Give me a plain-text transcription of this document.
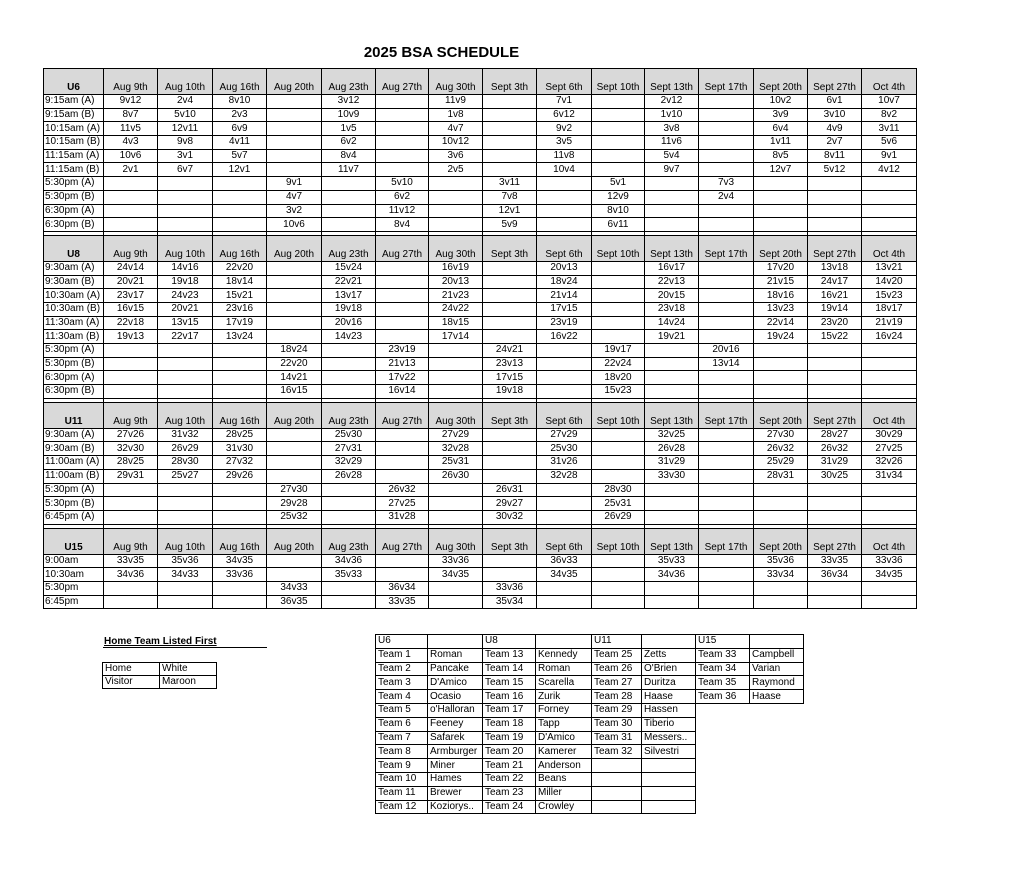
2025 BSA SCHEDULE
U6	Aug 9th	Aug 10th	Aug 16th	Aug 20th	Aug 23th	Aug 27th	Aug 30th	Sept 3th	Sept 6th	Sept 10th	Sept 13th	Sept 17th	Sept 20th	Sept 27th	Oct 4th
9:15am (A)	9v12	2v4	8v10		3v12		11v9		7v1		2v12		10v2	6v1	10v7
9:15am (B)	8v7	5v10	2v3		10v9		1v8		6v12		1v10		3v9	3v10	8v2
10:15am (A)	11v5	12v11	6v9		1v5		4v7		9v2		3v8		6v4	4v9	3v11
10:15am (B)	4v3	9v8	4v11		6v2		10v12		3v5		11v6		1v11	2v7	5v6
11:15am (A)	10v6	3v1	5v7		8v4		3v6		11v8		5v4		8v5	8v11	9v1
11:15am (B)	2v1	6v7	12v1		11v7		2v5		10v4		9v7		12v7	5v12	4v12
5:30pm (A)				9v1		5v10		3v11		5v1		7v3			
5:30pm (B)				4v7		6v2		7v8		12v9		2v4			
6:30pm (A)				3v2		11v12		12v1		8v10					
6:30pm (B)				10v6		8v4		5v9		6v11					

U8	Aug 9th	Aug 10th	Aug 16th	Aug 20th	Aug 23th	Aug 27th	Aug 30th	Sept 3th	Sept 6th	Sept 10th	Sept 13th	Sept 17th	Sept 20th	Sept 27th	Oct 4th
9:30am (A)	24v14	14v16	22v20		15v24		16v19		20v13		16v17		17v20	13v18	13v21
9:30am (B)	20v21	19v18	18v14		22v21		20v13		18v24		22v13		21v15	24v17	14v20
10:30am (A)	23v17	24v23	15v21		13v17		21v23		21v14		20v15		18v16	16v21	15v23
10:30am (B)	16v15	20v21	23v16		19v18		24v22		17v15		23v18		13v23	19v14	18v17
11:30am (A)	22v18	13v15	17v19		20v16		18v15		23v19		14v24		22v14	23v20	21v19
11:30am (B)	19v13	22v17	13v24		14v23		17v14		16v22		19v21		19v24	15v22	16v24
5:30pm (A)				18v24		23v19		24v21		19v17		20v16			
5:30pm (B)				22v20		21v13		23v13		22v24		13v14			
6:30pm (A)				14v21		17v22		17v15		18v20					
6:30pm (B)				16v15		16v14		19v18		15v23					

U11	Aug 9th	Aug 10th	Aug 16th	Aug 20th	Aug 23th	Aug 27th	Aug 30th	Sept 3th	Sept 6th	Sept 10th	Sept 13th	Sept 17th	Sept 20th	Sept 27th	Oct 4th
9:30am (A)	27v26	31v32	28v25		25v30		27v29		27v29		32v25		27v30	28v27	30v29
9:30am (B)	32v30	26v29	31v30		27v31		32v28		25v30		26v28		26v32	26v32	27v25
11:00am (A)	28v25	28v30	27v32		32v29		25v31		31v26		31v29		25v29	31v29	32v26
11:00am (B)	29v31	25v27	29v26		26v28		26v30		32v28		33v30		28v31	30v25	31v34
5:30pm (A)				27v30		26v32		26v31		28v30					
5:30pm (B)				29v28		27v25		29v27		25v31					
6:45pm (A)				25v32		31v28		30v32		26v29					

U15	Aug 9th	Aug 10th	Aug 16th	Aug 20th	Aug 23th	Aug 27th	Aug 30th	Sept 3th	Sept 6th	Sept 10th	Sept 13th	Sept 17th	Sept 20th	Sept 27th	Oct 4th
9:00am	33v35	35v36	34v35		34v36		33v36		36v33		35v33		35v36	33v35	33v36
10:30am	34v36	34v33	33v36		35v33		34v35		34v35		34v36		33v34	36v34	34v35
5:30pm				34v33		36v34		33v36							
6:45pm				36v35		33v35		35v34							
Home Team Listed First
Home	White
Visitor	Maroon
U6		U8		U11		U15	
Team 1	Roman	Team 13	Kennedy	Team 25	Zetts	Team 33	Campbell
Team 2	Pancake	Team 14	Roman	Team 26	O'Brien	Team 34	Varian
Team 3	D'Amico	Team 15	Scarella	Team 27	Duritza	Team 35	Raymond
Team 4	Ocasio	Team 16	Zurik	Team 28	Haase	Team 36	Haase
Team 5	o'Halloran	Team 17	Forney	Team 29	Hassen		
Team 6	Feeney	Team 18	Tapp	Team 30	Tiberio		
Team 7	Safarek	Team 19	D'Amico	Team 31	Messers..		
Team 8	Armburger	Team 20	Kamerer	Team 32	Silvestri		
Team 9	Miner	Team 21	Anderson				
Team 10	Hames	Team 22	Beans				
Team 11	Brewer	Team 23	Miller				
Team 12	Koziorys..	Team 24	Crowley				
